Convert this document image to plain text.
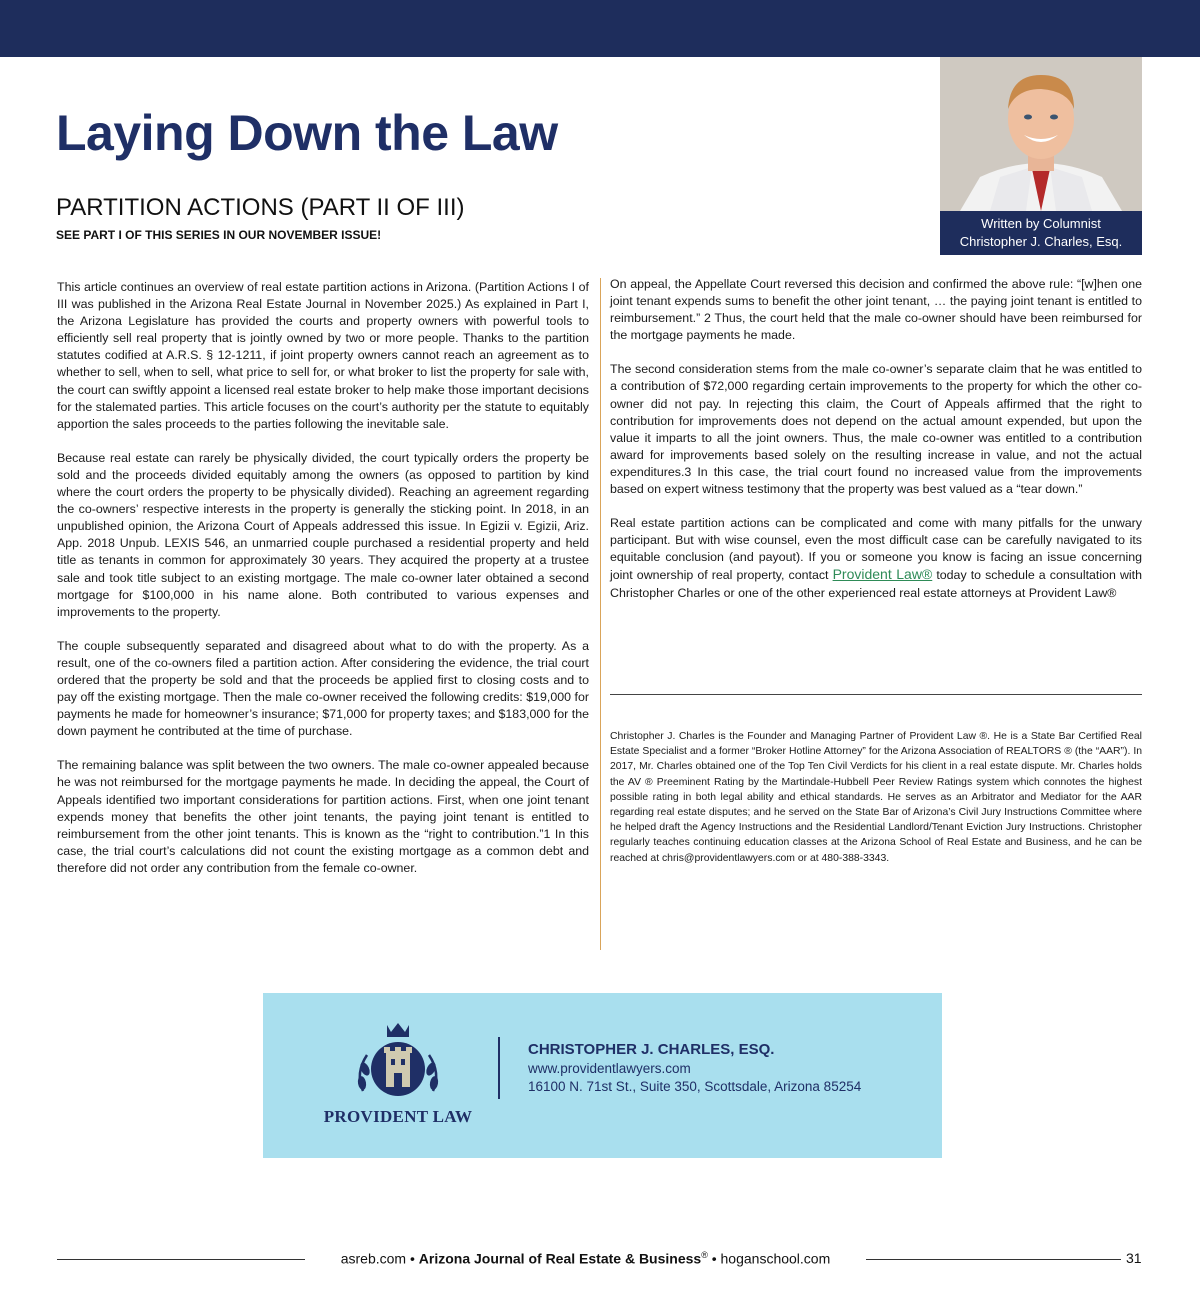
Laying Down the Law
PARTITION ACTIONS (PART II OF III)
SEE PART I OF THIS SERIES IN OUR NOVEMBER ISSUE!
Written by Columnist
Christopher J. Charles, Esq.

This article continues an overview of real estate partition actions in Arizona. (Partition Actions I of III was published in the Arizona Real Estate Journal in November 2025.) As explained in Part I, the Arizona Legislature has provided the courts and property owners with powerful tools to efficiently sell real property that is jointly owned by two or more people. Thanks to the partition statutes codified at A.R.S. § 12-1211, if joint property owners cannot reach an agreement as to whether to sell, when to sell, what price to sell for, or what broker to list the property for sale with, the court can swiftly appoint a licensed real estate broker to help make those important decisions for the stalemated parties. This article focuses on the court’s authority per the statute to equitably apportion the sales proceeds to the parties following the inevitable sale.

Because real estate can rarely be physically divided, the court typically orders the property be sold and the proceeds divided equitably among the owners (as opposed to partition by kind where the court orders the property to be physically divided). Reaching an agreement regarding the co-owners’ respective interests in the property is generally the sticking point. In 2018, in an unpublished opinion, the Arizona Court of Appeals addressed this issue. In Egizii v. Egizii, Ariz. App. 2018 Unpub. LEXIS 546, an unmarried couple purchased a residential property and held title as tenants in common for approximately 30 years. They acquired the property at a trustee sale and took title subject to an existing mortgage. The male co-owner later obtained a second mortgage for $100,000 in his name alone. Both contributed to various expenses and improvements to the property.

The couple subsequently separated and disagreed about what to do with the property. As a result, one of the co-owners filed a partition action. After considering the evidence, the trial court ordered that the property be sold and that the proceeds be applied first to closing costs and to pay off the existing mortgage. Then the male co-owner received the following credits: $19,000 for payments he made for homeowner’s insurance; $71,000 for property taxes; and $183,000 for the down payment he contributed at the time of purchase.

The remaining balance was split between the two owners. The male co-owner appealed because he was not reimbursed for the mortgage payments he made. In deciding the appeal, the Court of Appeals identified two important considerations for partition actions. First, when one joint tenant expends money that benefits the other joint tenants, the paying joint tenant is entitled to reimbursement from the other joint tenants. This is known as the “right to contribution.”1 In this case, the trial court’s calculations did not count the existing mortgage as a common debt and therefore did not order any contribution from the female co-owner.

On appeal, the Appellate Court reversed this decision and confirmed the above rule: “[w]hen one joint tenant expends sums to benefit the other joint tenant, … the paying joint tenant is entitled to reimbursement.” 2 Thus, the court held that the male co-owner should have been reimbursed for the mortgage payments he made.

The second consideration stems from the male co-owner’s separate claim that he was entitled to a contribution of $72,000 regarding certain improvements to the property for which the other co-owner did not pay. In rejecting this claim, the Court of Appeals affirmed that the right to contribution for improvements does not depend on the actual amount expended, but upon the value it imparts to all the joint owners. Thus, the male co-owner was entitled to a contribution award for improvements based solely on the resulting increase in value, and not the actual expenditures.3 In this case, the trial court found no increased value from the improvements based on expert witness testimony that the property was best valued as a “tear down.”

Real estate partition actions can be complicated and come with many pitfalls for the unwary participant. But with wise counsel, even the most difficult case can be carefully navigated to its equitable conclusion (and payout). If you or someone you know is facing an issue concerning joint ownership of real property, contact Provident Law® today to schedule a consultation with Christopher Charles or one of the other experienced real estate attorneys at Provident Law®

Christopher J. Charles is the Founder and Managing Partner of Provident Law ®. He is a State Bar Certified Real Estate Specialist and a former “Broker Hotline Attorney” for the Arizona Association of REALTORS ® (the “AAR”). In 2017, Mr. Charles obtained one of the Top Ten Civil Verdicts for his client in a real estate dispute. Mr. Charles holds the AV ® Preeminent Rating by the Martindale-Hubbell Peer Review Ratings system which connotes the highest possible rating in both legal ability and ethical standards. He serves as an Arbitrator and Mediator for the AAR regarding real estate disputes; and he served on the State Bar of Arizona’s Civil Jury Instructions Committee where he helped draft the Agency Instructions and the Residential Landlord/Tenant Eviction Jury Instructions. Christopher regularly teaches continuing education classes at the Arizona School of Real Estate and Business, and he can be reached at chris@providentlawyers.com or at 480-388-3343.
PROVIDENT LAW
CHRISTOPHER J. CHARLES, ESQ.
www.providentlawyers.com
16100 N. 71st St., Suite 350, Scottsdale, Arizona 85254
asreb.com • Arizona Journal of Real Estate & Business® • hoganschool.com	31
